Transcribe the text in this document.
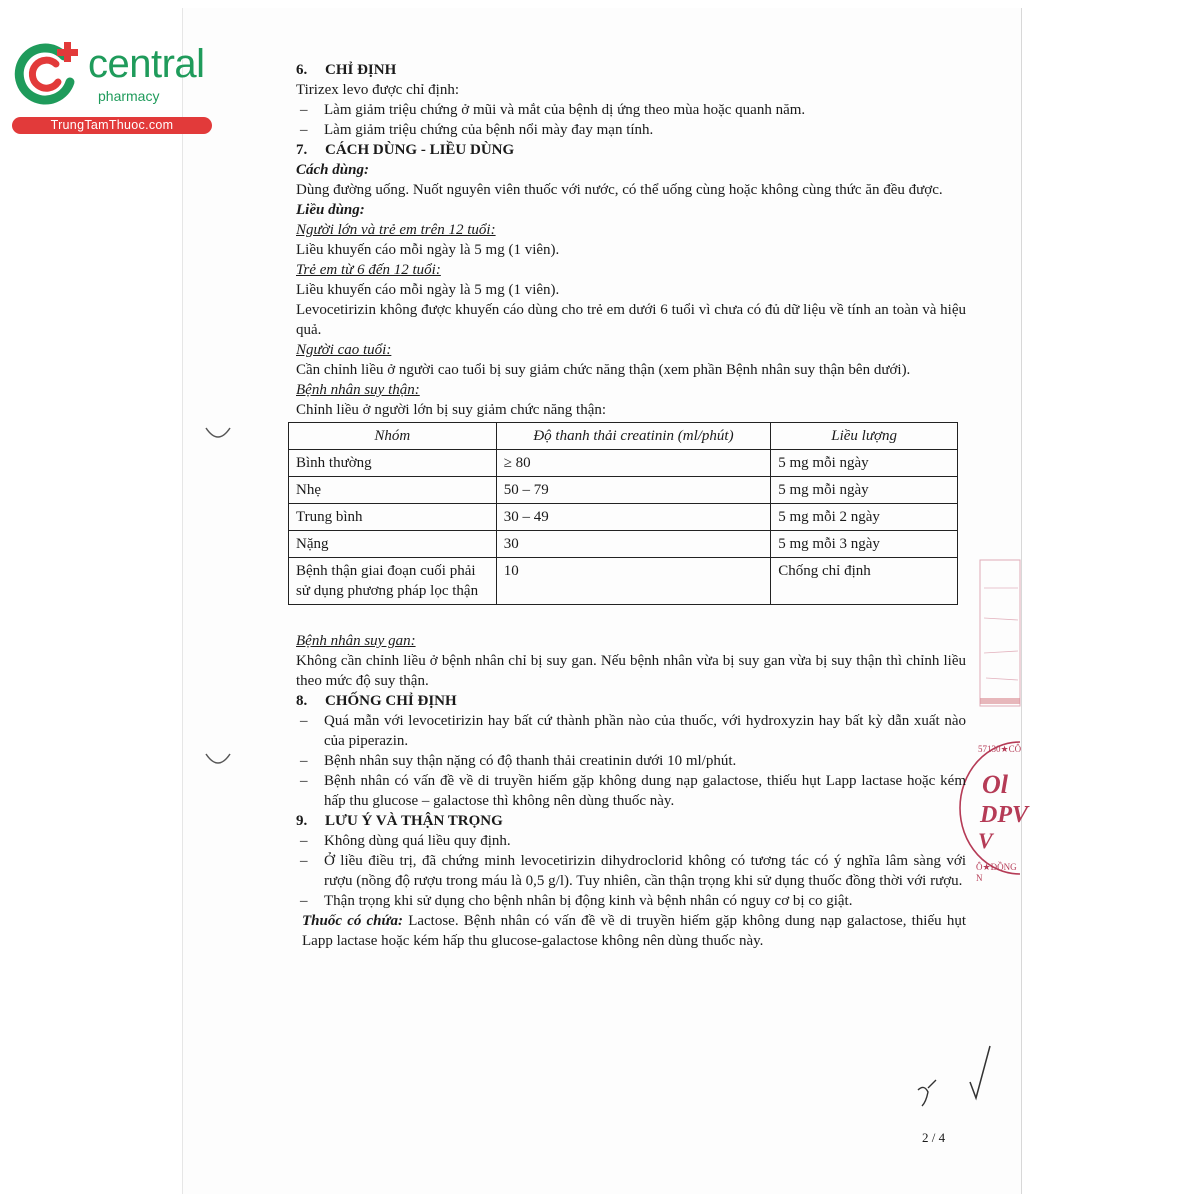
central
pharmacy
TrungTamThuoc.com
Ol
DPV
V
57130★CÔ
Ô★ĐỒNG N

6. CHỈ ĐỊNH

Tirizex levo được chỉ định:

– Làm giảm triệu chứng ở mũi và mắt của bệnh dị ứng theo mùa hoặc quanh năm.

– Làm giảm triệu chứng của bệnh nổi mày đay mạn tính.

7. CÁCH DÙNG - LIỀU DÙNG

Cách dùng:

Dùng đường uống. Nuốt nguyên viên thuốc với nước, có thể uống cùng hoặc không cùng thức ăn đều được.

Liều dùng:

Người lớn và trẻ em trên 12 tuổi:

Liều khuyến cáo mỗi ngày là 5 mg (1 viên).

Trẻ em từ 6 đến 12 tuổi:

Liều khuyến cáo mỗi ngày là 5 mg (1 viên).

Levocetirizin không được khuyến cáo dùng cho trẻ em dưới 6 tuổi vì chưa có đủ dữ liệu về tính an toàn và hiệu quả.

Người cao tuổi:

Cần chỉnh liều ở người cao tuổi bị suy giảm chức năng thận (xem phần Bệnh nhân suy thận bên dưới).

Bệnh nhân suy thận:

Chỉnh liều ở người lớn bị suy giảm chức năng thận:

Nhóm	Độ thanh thải creatinin (ml/phút)	Liều lượng
Bình thường	≥ 80	5 mg mỗi ngày
Nhẹ	50 – 79	5 mg mỗi ngày
Trung bình	30 – 49	5 mg mỗi 2 ngày
Nặng	30	5 mg mỗi 3 ngày
Bệnh thận giai đoạn cuối phải sử dụng phương pháp lọc thận	10	Chống chỉ định

Bệnh nhân suy gan:

Không cần chỉnh liều ở bệnh nhân chỉ bị suy gan. Nếu bệnh nhân vừa bị suy gan vừa bị suy thận thì chỉnh liều theo mức độ suy thận.

8. CHỐNG CHỈ ĐỊNH

– Quá mẫn với levocetirizin hay bất cứ thành phần nào của thuốc, với hydroxyzin hay bất kỳ dẫn xuất nào của piperazin.

– Bệnh nhân suy thận nặng có độ thanh thải creatinin dưới 10 ml/phút.

– Bệnh nhân có vấn đề về di truyền hiếm gặp không dung nạp galactose, thiếu hụt Lapp lactase hoặc kém hấp thu glucose – galactose thì không nên dùng thuốc này.

9. LƯU Ý VÀ THẬN TRỌNG

– Không dùng quá liều quy định.

– Ở liều điều trị, đã chứng minh levocetirizin dihydroclorid không có tương tác có ý nghĩa lâm sàng với rượu (nồng độ rượu trong máu là 0,5 g/l). Tuy nhiên, cần thận trọng khi sử dụng thuốc đồng thời với rượu.

– Thận trọng khi sử dụng cho bệnh nhân bị động kinh và bệnh nhân có nguy cơ bị co giật.

Thuốc có chứa: Lactose. Bệnh nhân có vấn đề về di truyền hiếm gặp không dung nạp galactose, thiếu hụt Lapp lactase hoặc kém hấp thu glucose-galactose không nên dùng thuốc này.

2 / 4
